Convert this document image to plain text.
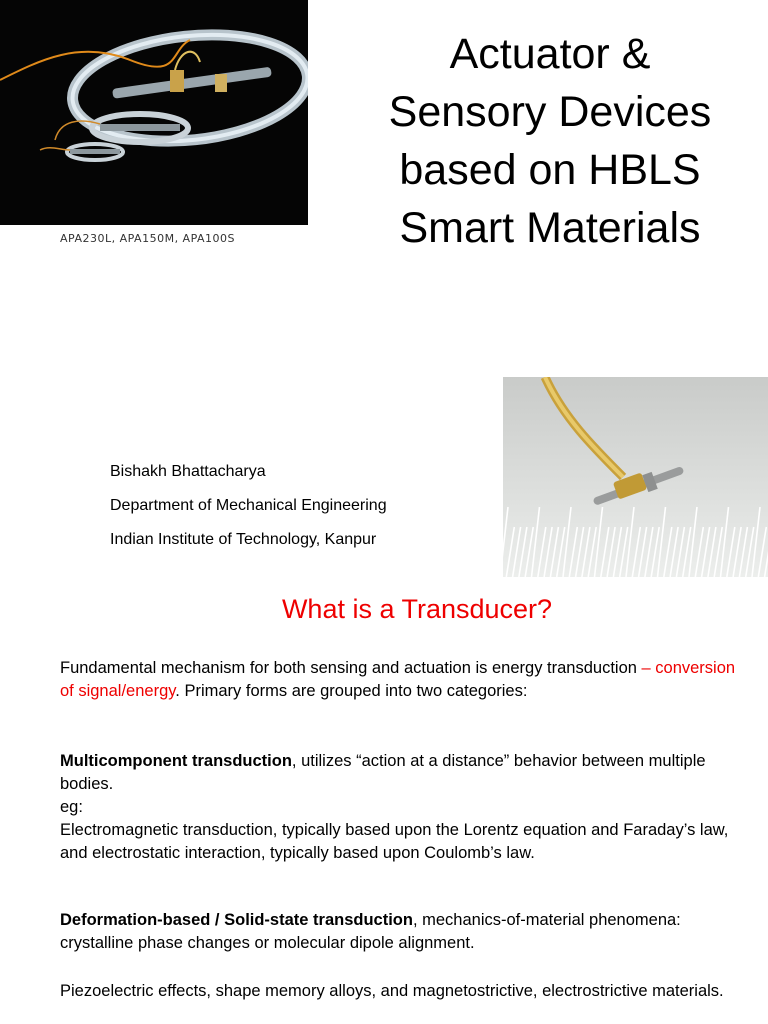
APA230L, APA150M, APA100S
Actuator &
Sensory Devices
based on HBLS
Smart Materials
Bishakh Bhattacharya
Department of Mechanical Engineering
Indian Institute of Technology, Kanpur
What is a Transducer?
Fundamental mechanism for both sensing and actuation is energy transduction – conversion of signal/energy. Primary forms are grouped into two categories:
Multicomponent transduction, utilizes “action at a distance” behavior between multiple bodies.
eg:
Electromagnetic transduction, typically based upon the Lorentz equation and Faraday’s law, and electrostatic interaction, typically based upon Coulomb’s law.
Deformation-based / Solid-state transduction, mechanics-of-material phenomena: crystalline phase changes or molecular dipole alignment.
Piezoelectric effects, shape memory alloys, and magnetostrictive, electrostrictive materials.
